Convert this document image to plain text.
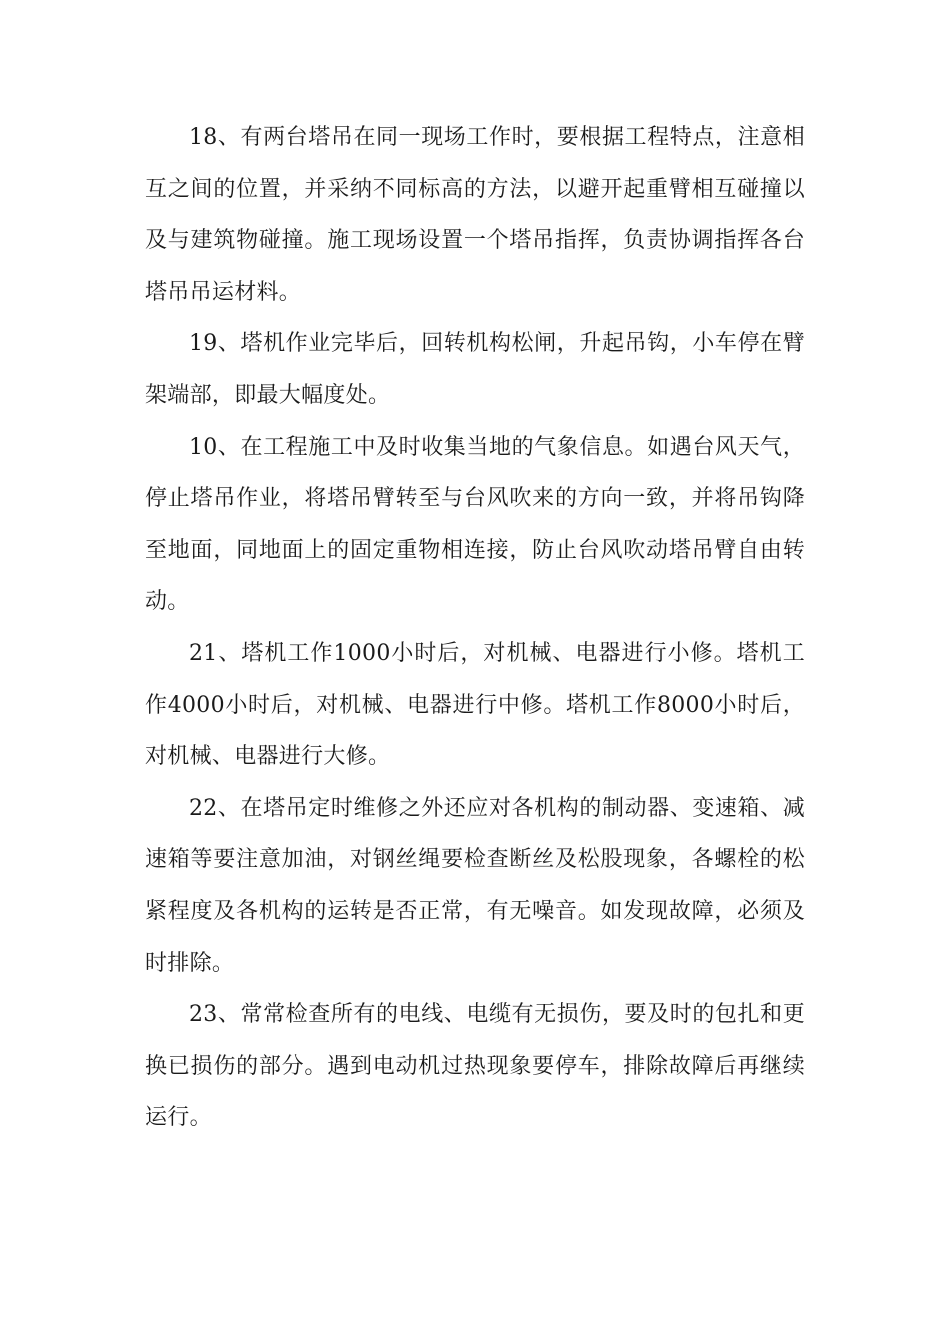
18、有两台塔吊在同一现场工作时，要根据工程特点，注意相互之间的位置，并采纳不同标高的方法，以避开起重臂相互碰撞以及与建筑物碰撞。施工现场设置一个塔吊指挥，负责协调指挥各台塔吊吊运材料。

19、塔机作业完毕后，回转机构松闸，升起吊钩，小车停在臂架端部，即最大幅度处。

10、在工程施工中及时收集当地的气象信息。如遇台风天气，停止塔吊作业，将塔吊臂转至与台风吹来的方向一致，并将吊钩降至地面，同地面上的固定重物相连接，防止台风吹动塔吊臂自由转动。

21、塔机工作1000小时后，对机械、电器进行小修。塔机工作4000小时后，对机械、电器进行中修。塔机工作8000小时后，对机械、电器进行大修。

22、在塔吊定时维修之外还应对各机构的制动器、变速箱、减速箱等要注意加油，对钢丝绳要检查断丝及松股现象，各螺栓的松紧程度及各机构的运转是否正常，有无噪音。如发现故障，必须及时排除。

23、常常检查所有的电线、电缆有无损伤，要及时的包扎和更换已损伤的部分。遇到电动机过热现象要停车，排除故障后再继续运行。
